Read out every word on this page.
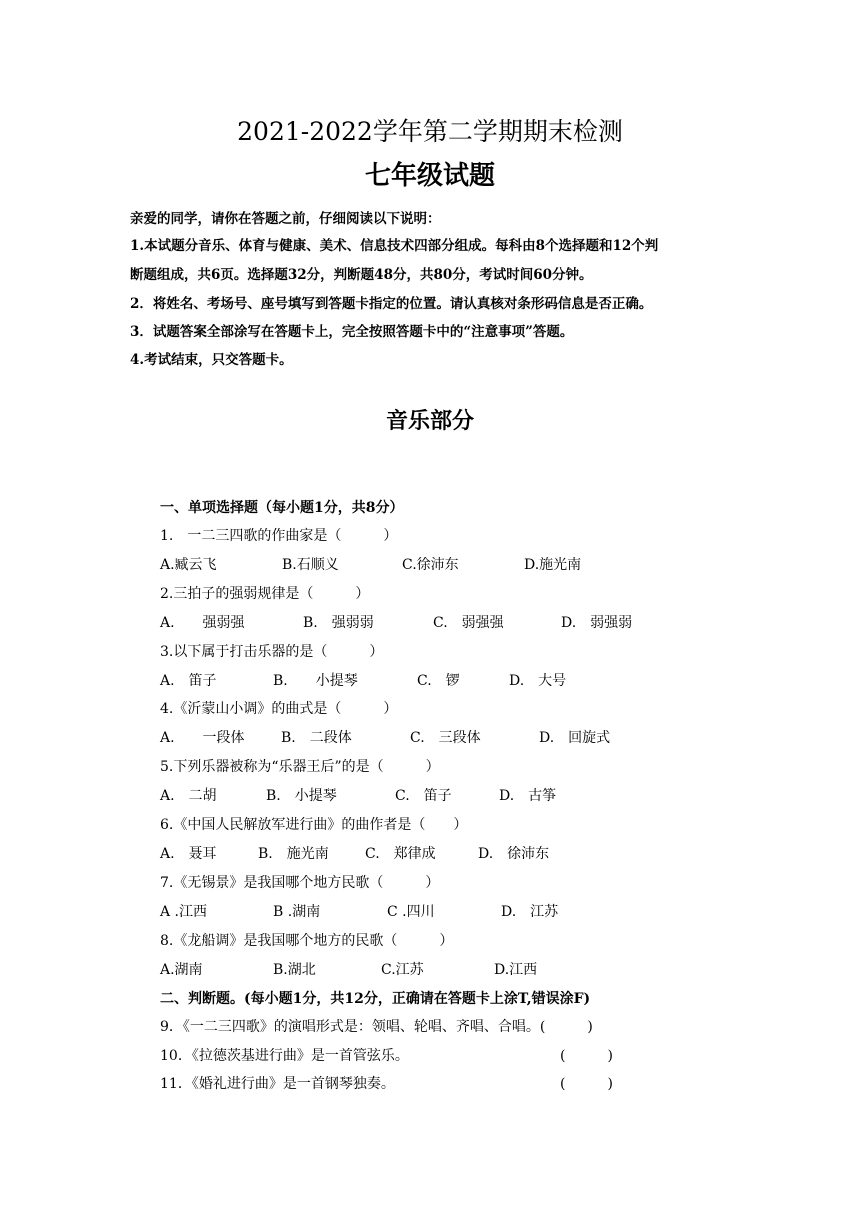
2021-2022学年第二学期期末检测
七年级试题
亲爱的同学，请你在答题之前，仔细阅读以下说明：
1.本试题分音乐、体育与健康、美术、信息技术四部分组成。每科由8个选择题和12个判
断题组成，共6页。选择题32分，判断题48分，共80分，考试时间60分钟。
2．将姓名、考场号、座号填写到答题卡指定的位置。请认真核对条形码信息是否正确。
3．试题答案全部涂写在答题卡上，完全按照答题卡中的“注意事项”答题。
4.考试结束，只交答题卡。
音乐部分
一、单项选择题（每小题1分，共8分）
1.　一二三四歌的作曲家是（　　　）
A.臧云飞	B.石顺义	C.徐沛东	D.施光南
2.三拍子的强弱规律是（　　　）
A.　　强弱强	B.　强弱弱	C.　弱强强	D.　弱强弱
3.以下属于打击乐器的是（　　　）
A.　笛子	B.　　小提琴	C.　锣	D.　大号
4.《沂蒙山小调》的曲式是（　　　）
A.　　一段体	B.　二段体	C.　三段体	D.　回旋式
5.下列乐器被称为“乐器王后”的是（　　　）
A.　二胡	B.　小提琴	C.　笛子	D.　古筝
6.《中国人民解放军进行曲》的曲作者是（　　）
A.　聂耳	B.　施光南	C.　郑律成	D.　徐沛东
7.《无锡景》是我国哪个地方民歌（　　　）
A .江西	B .湖南	C .四川	D.　江苏
8.《龙船调》是我国哪个地方的民歌（　　　）
A.湖南	B.湖北	C.江苏	D.江西
二、判断题。(每小题1分，共12分，正确请在答题卡上涂T,错误涂F)
9．《一二三四歌》的演唱形式是：领唱、轮唱、齐唱、合唱。(　　　)
10．《拉德茨基进行曲》是一首管弦乐。	(　　　)
11．《婚礼进行曲》是一首钢琴独奏。	(　　　)
